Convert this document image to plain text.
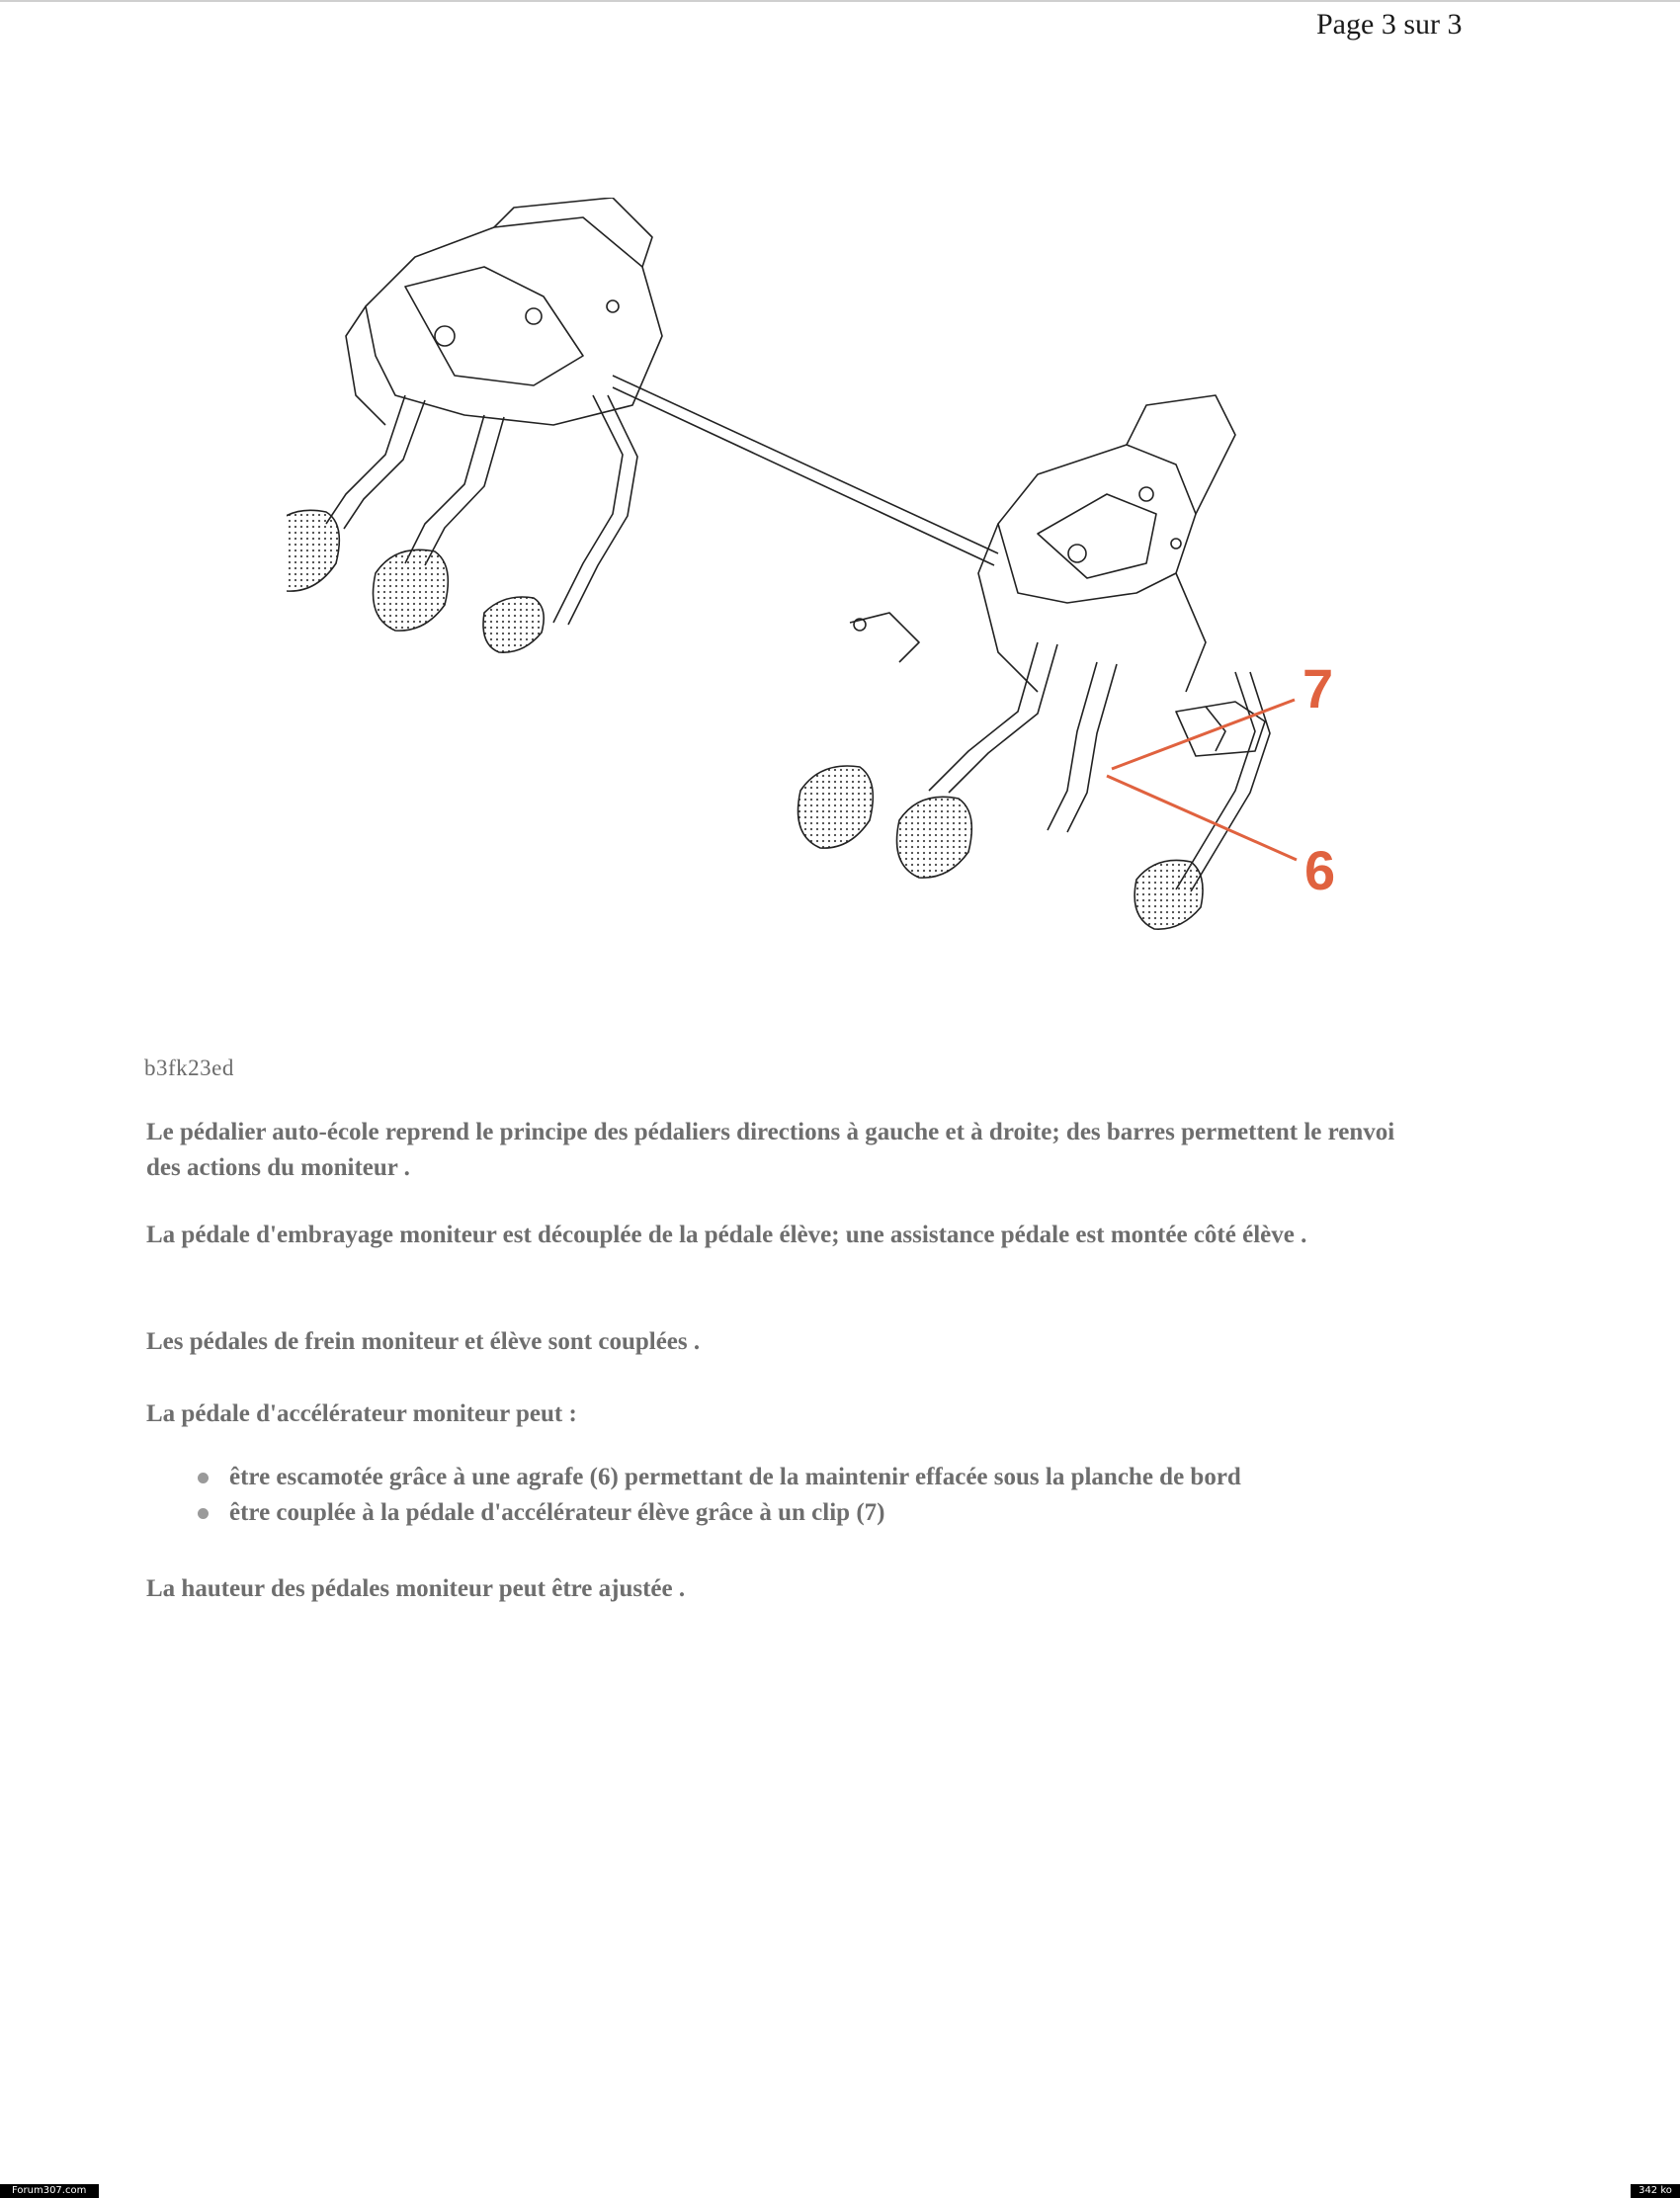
Page 3 sur 3
7
6
b3fk23ed
Le pédalier auto-école reprend le principe des pédaliers directions à gauche et à droite; des barres permettent le renvoi des actions du moniteur .
La pédale d'embrayage moniteur est découplée de la pédale élève; une assistance pédale est montée côté élève .
Les pédales de frein moniteur et élève sont couplées .
La pédale d'accélérateur moniteur peut :
être escamotée grâce à une agrafe (6) permettant de la maintenir effacée sous la planche de bord
être couplée à la pédale d'accélérateur élève grâce à un clip (7)
La hauteur des pédales moniteur peut être ajustée .
Forum307.com	342 ko
